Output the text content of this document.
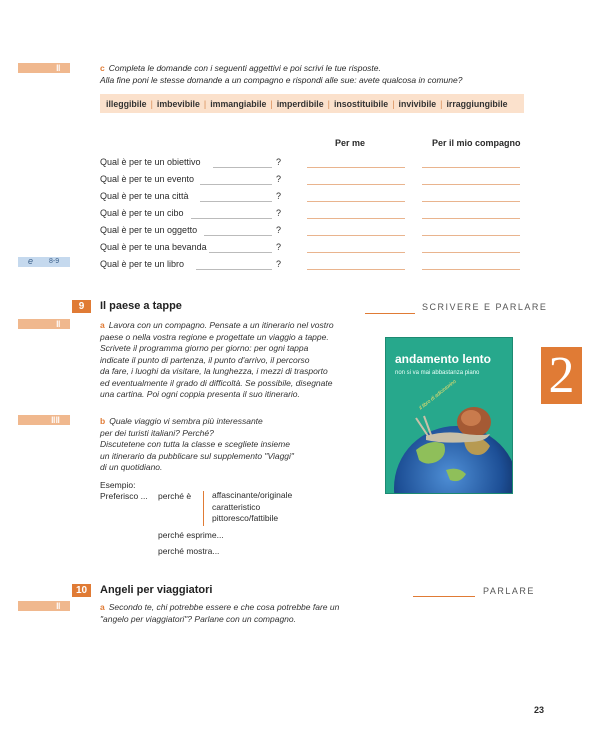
ǁ	c Completa le domande con i seguenti aggettivi e poi scrivi le tue risposte.
Alla fine poni le stesse domande a un compagno e rispondi alle sue: avete qualcosa in comune?
illeggibile | imbevibile | immangiabile | imperdibile | insostituibile | invivibile | irraggiungibile
Per me	Per il mio compagno
Qual è per te un obiettivo	?
Qual è per te un evento	?
Qual è per te una città	?
Qual è per te un cibo	?
Qual è per te un oggetto	?
Qual è per te una bevanda	?
Qual è per te un libro	?
e 8-9
9	Il paese a tappe	SCRIVERE E PARLARE
ǁ	a Lavora con un compagno. Pensate a un itinerario nel vostro
paese o nella vostra regione e progettate un viaggio a tappe.
Scrivete il programma giorno per giorno: per ogni tappa
indicate il punto di partenza, il punto d'arrivo, il percorso
da fare, i luoghi da visitare, la lunghezza, i mezzi di trasporto
ed eventualmente il grado di difficoltà. Se possibile, disegnate
una cartina. Poi ogni coppia presenta il suo itinerario.
ǁǁ	b Quale viaggio vi sembra più interessante
per dei turisti italiani? Perché?
Discutetene con tutta la classe e scegliete insieme
un itinerario da pubblicare sul supplemento "Viaggi"
di un quotidiano.
Esempio:
Preferisco ... perché è affascinante/originale
caratteristico
pittoresco/fattibile
perché esprime...
perché mostra...
andamento lento
non si va mai abbastanza piano
il libro di adicintorino 2
10	Angeli per viaggiatori	PARLARE
ǁ	a Secondo te, chi potrebbe essere e che cosa potrebbe fare un
"angelo per viaggiatori"? Parlane con un compagno.
23
